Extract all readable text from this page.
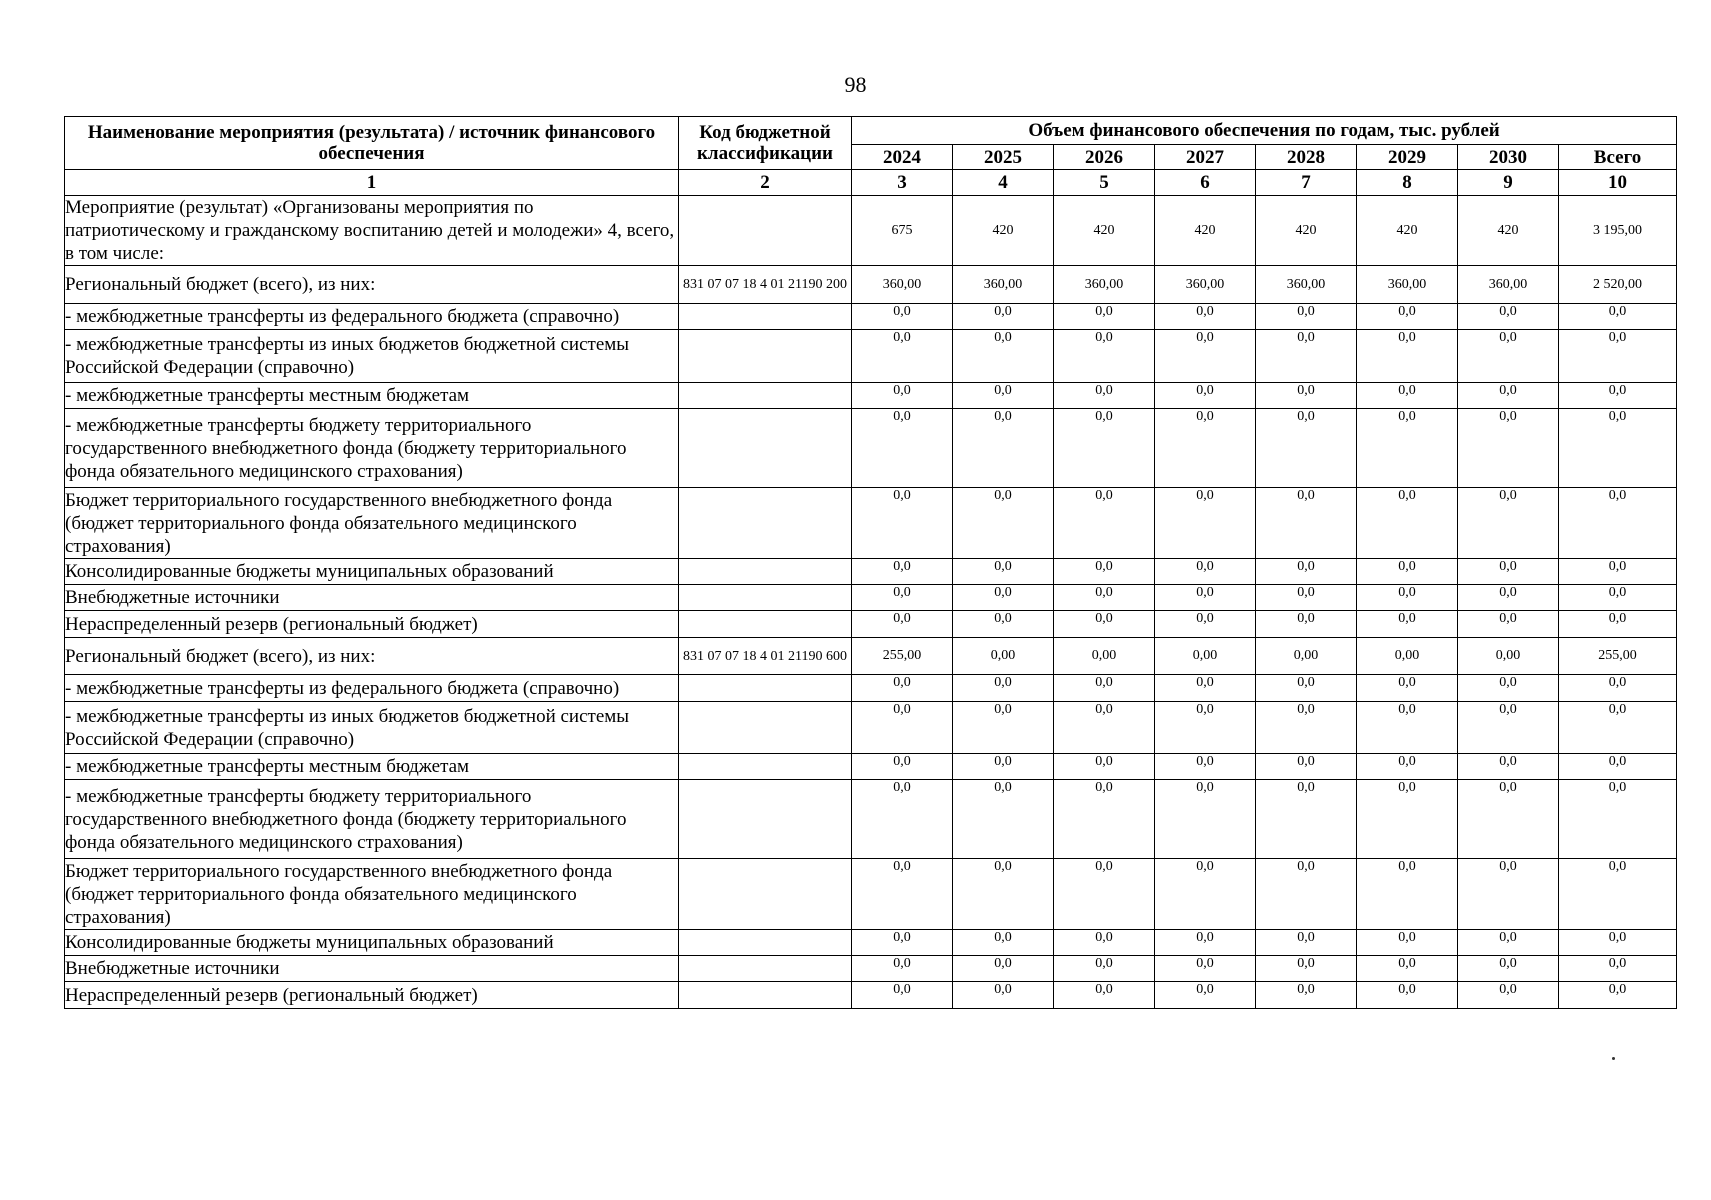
98
Наименование мероприятия (результата) / источник финансового обеспечения	Код бюджетной классификации	Объем финансового обеспечения по годам, тыс. рублей							
		2024	2025	2026	2027	2028	2029	2030	Всего
1	2	3	4	5	6	7	8	9	10
Мероприятие (результат) «Организованы мероприятия по патриотическому и гражданскому воспитанию детей и молодежи» 4, всего, в том числе:		675	420	420	420	420	420	420	3 195,00
Региональный бюджет (всего), из них:	831 07 07 18 4 01 21190 200	360,00	360,00	360,00	360,00	360,00	360,00	360,00	2 520,00
- межбюджетные трансферты из федерального бюджета (справочно)		0,0	0,0	0,0	0,0	0,0	0,0	0,0	0,0
- межбюджетные трансферты из иных бюджетов бюджетной системы Российской Федерации (справочно)		0,0	0,0	0,0	0,0	0,0	0,0	0,0	0,0
- межбюджетные трансферты местным бюджетам		0,0	0,0	0,0	0,0	0,0	0,0	0,0	0,0
- межбюджетные трансферты бюджету территориального государственного внебюджетного фонда (бюджету территориального фонда обязательного медицинского страхования)		0,0	0,0	0,0	0,0	0,0	0,0	0,0	0,0
Бюджет территориального государственного внебюджетного фонда (бюджет территориального фонда обязательного медицинского страхования)		0,0	0,0	0,0	0,0	0,0	0,0	0,0	0,0
Консолидированные бюджеты муниципальных образований		0,0	0,0	0,0	0,0	0,0	0,0	0,0	0,0
Внебюджетные источники		0,0	0,0	0,0	0,0	0,0	0,0	0,0	0,0
Нераспределенный резерв (региональный бюджет)		0,0	0,0	0,0	0,0	0,0	0,0	0,0	0,0
Региональный бюджет (всего), из них:	831 07 07 18 4 01 21190 600	255,00	0,00	0,00	0,00	0,00	0,00	0,00	255,00
- межбюджетные трансферты из федерального бюджета (справочно)		0,0	0,0	0,0	0,0	0,0	0,0	0,0	0,0
- межбюджетные трансферты из иных бюджетов бюджетной системы Российской Федерации (справочно)		0,0	0,0	0,0	0,0	0,0	0,0	0,0	0,0
- межбюджетные трансферты местным бюджетам		0,0	0,0	0,0	0,0	0,0	0,0	0,0	0,0
- межбюджетные трансферты бюджету территориального государственного внебюджетного фонда (бюджету территориального фонда обязательного медицинского страхования)		0,0	0,0	0,0	0,0	0,0	0,0	0,0	0,0
Бюджет территориального государственного внебюджетного фонда (бюджет территориального фонда обязательного медицинского страхования)		0,0	0,0	0,0	0,0	0,0	0,0	0,0	0,0
Консолидированные бюджеты муниципальных образований		0,0	0,0	0,0	0,0	0,0	0,0	0,0	0,0
Внебюджетные источники		0,0	0,0	0,0	0,0	0,0	0,0	0,0	0,0
Нераспределенный резерв (региональный бюджет)		0,0	0,0	0,0	0,0	0,0	0,0	0,0	0,0
